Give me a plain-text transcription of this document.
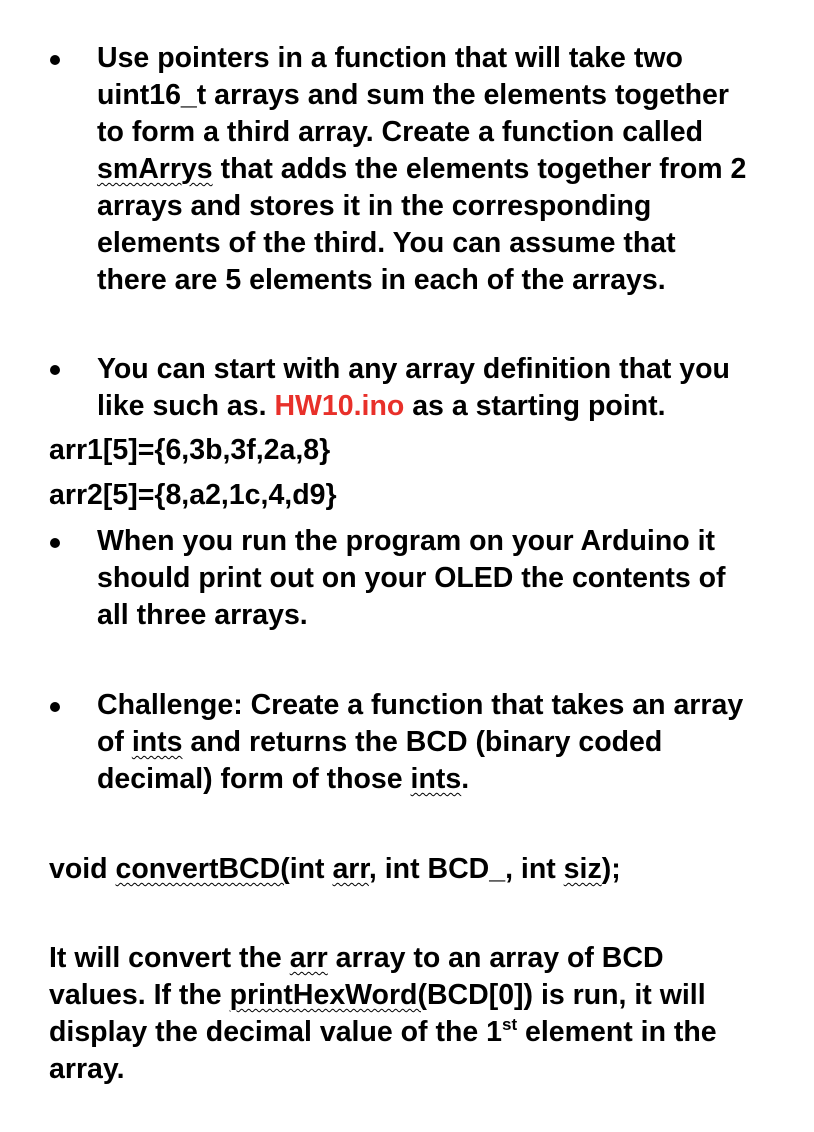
Use pointers in a function that will take two
uint16_t arrays and sum the elements together
to form a third array. Create a function called
smArrys that adds the elements together from 2
arrays and stores it in the corresponding
elements of the third. You can assume that
there are 5 elements in each of the arrays.
You can start with any array definition that you
like such as. HW10.ino as a starting point.
arr1[5]={6,3b,3f,2a,8}
arr2[5]={8,a2,1c,4,d9}
When you run the program on your Arduino it
should print out on your OLED the contents of
all three arrays.
Challenge: Create a function that takes an array
of ints and returns the BCD (binary coded
decimal) form of those ints.
void convertBCD(int arr, int BCD_, int siz);
It will convert the arr array to an array of BCD
values. If the printHexWord(BCD[0]) is run, it will
display the decimal value of the 1st element in the
array.
